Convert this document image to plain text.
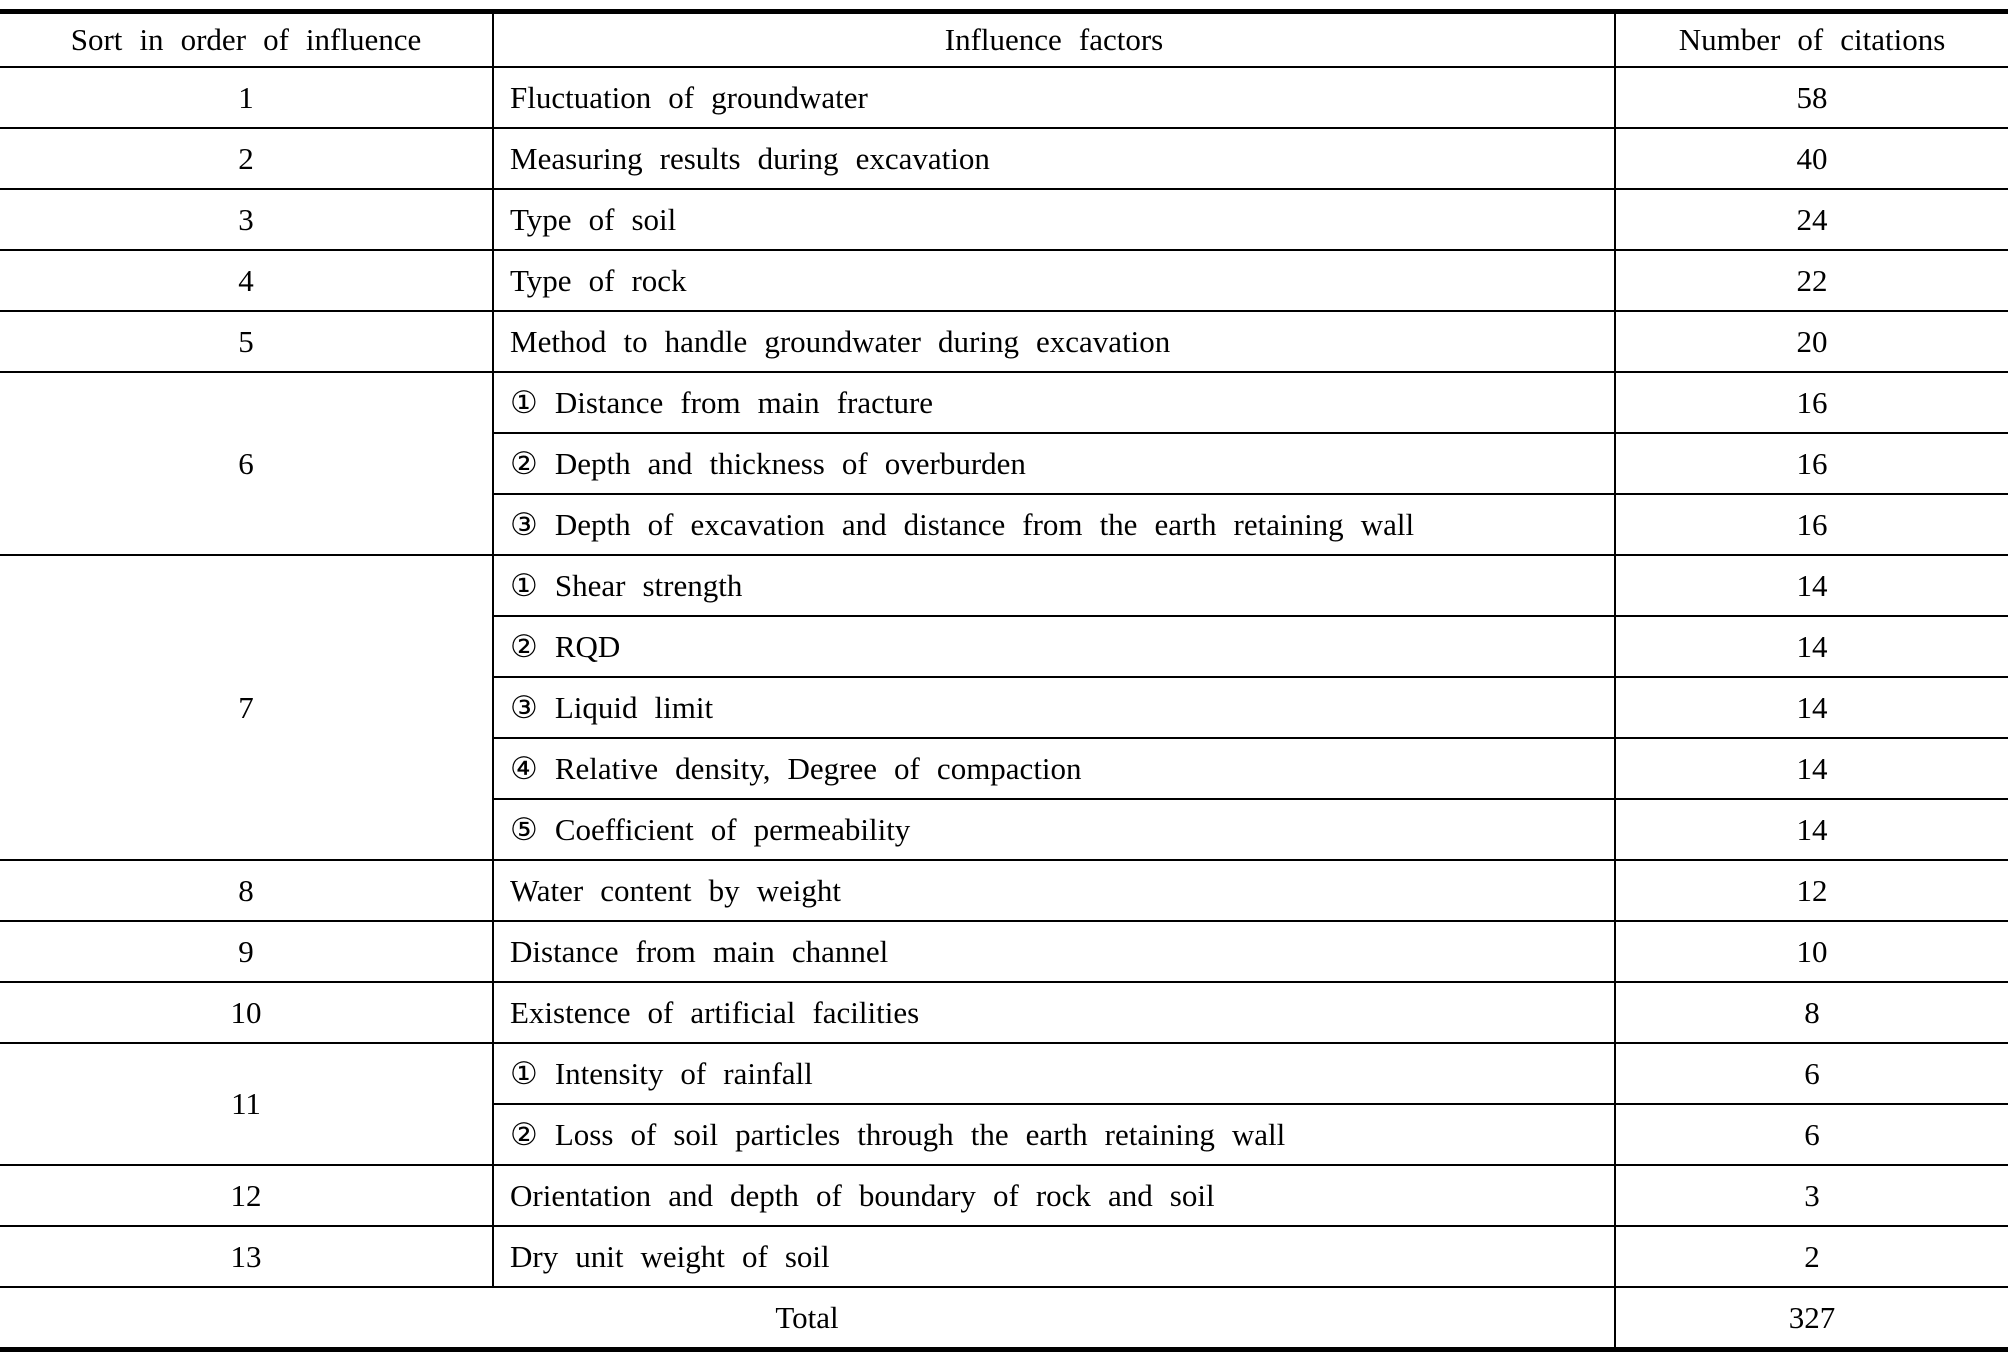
Sort in order of influence	Influence factors	Number of citations
1	Fluctuation of groundwater	58
2	Measuring results during excavation	40
3	Type of soil	24
4	Type of rock	22
5	Method to handle groundwater during excavation	20
6	① Distance from main fracture	16
	② Depth and thickness of overburden	16
	③ Depth of excavation and distance from the earth retaining wall	16
7	① Shear strength	14
	② RQD	14
	③ Liquid limit	14
	④ Relative density, Degree of compaction	14
	⑤ Coefficient of permeability	14
8	Water content by weight	12
9	Distance from main channel	10
10	Existence of artificial facilities	8
11	① Intensity of rainfall	6
	② Loss of soil particles through the earth retaining wall	6
12	Orientation and depth of boundary of rock and soil	3
13	Dry unit weight of soil	2
Total		327
